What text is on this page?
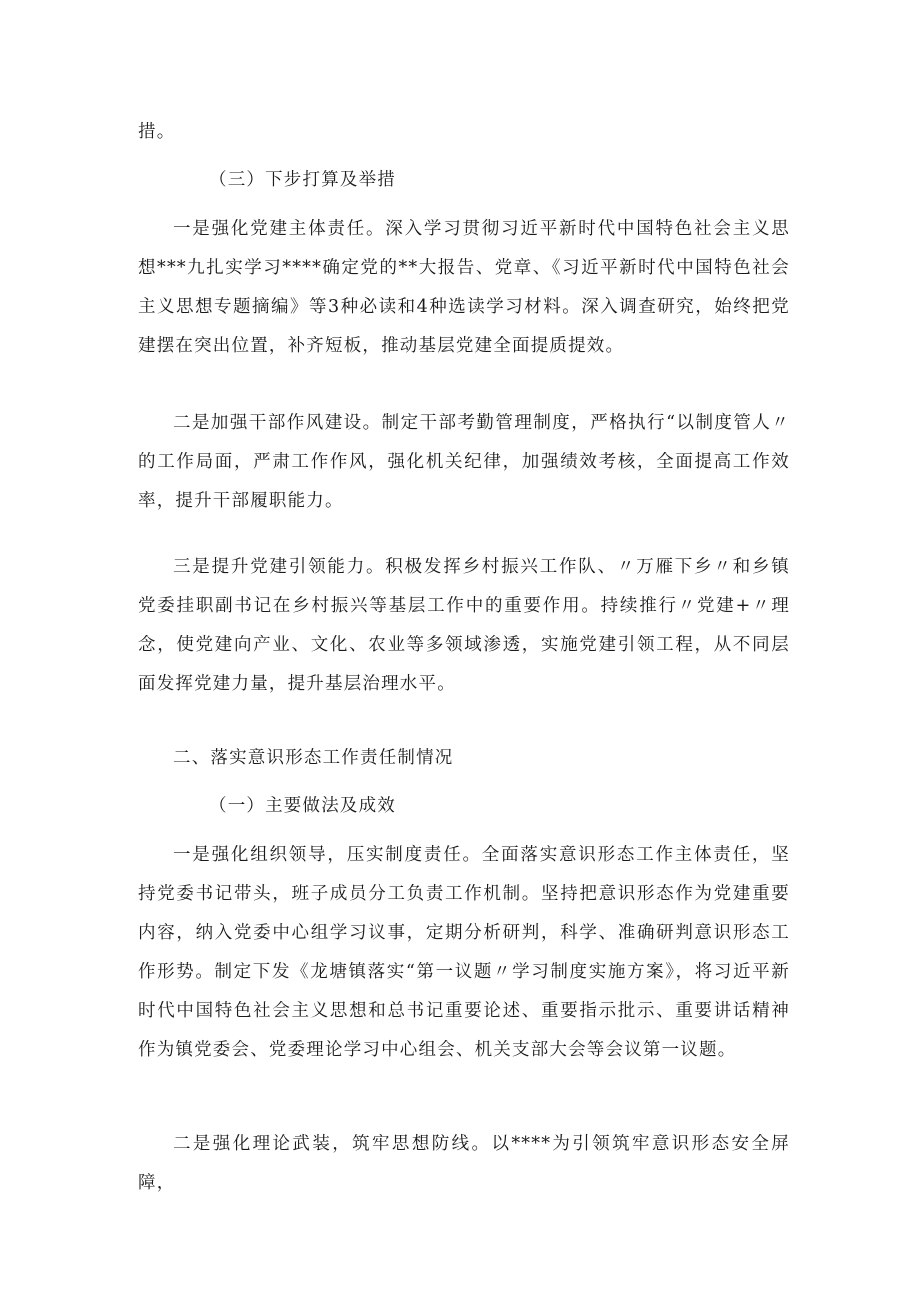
措。

（三）下步打算及举措

一是强化党建主体责任。深入学习贯彻习近平新时代中国特色社会主义思想***九扎实学习****确定党的**大报告、党章、《习近平新时代中国特色社会主义思想专题摘编》等3种必读和4种选读学习材料。深入调查研究，始终把党建摆在突出位置，补齐短板，推动基层党建全面提质提效。

二是加强干部作风建设。制定干部考勤管理制度，严格执行“以制度管人〃的工作局面，严肃工作作风，强化机关纪律，加强绩效考核，全面提高工作效率，提升干部履职能力。

三是提升党建引领能力。积极发挥乡村振兴工作队、〃万雁下乡〃和乡镇党委挂职副书记在乡村振兴等基层工作中的重要作用。持续推行〃党建+〃理念，使党建向产业、文化、农业等多领域渗透，实施党建引领工程，从不同层面发挥党建力量，提升基层治理水平。

二、落实意识形态工作责任制情况

（一）主要做法及成效

一是强化组织领导，压实制度责任。全面落实意识形态工作主体责任，坚持党委书记带头，班子成员分工负责工作机制。坚持把意识形态作为党建重要内容，纳入党委中心组学习议事，定期分析研判，科学、准确研判意识形态工作形势。制定下发《龙塘镇落实“第一议题〃学习制度实施方案》，将习近平新时代中国特色社会主义思想和总书记重要论述、重要指示批示、重要讲话精神作为镇党委会、党委理论学习中心组会、机关支部大会等会议第一议题。

二是强化理论武装，筑牢思想防线。以****为引领筑牢意识形态安全屏障，
